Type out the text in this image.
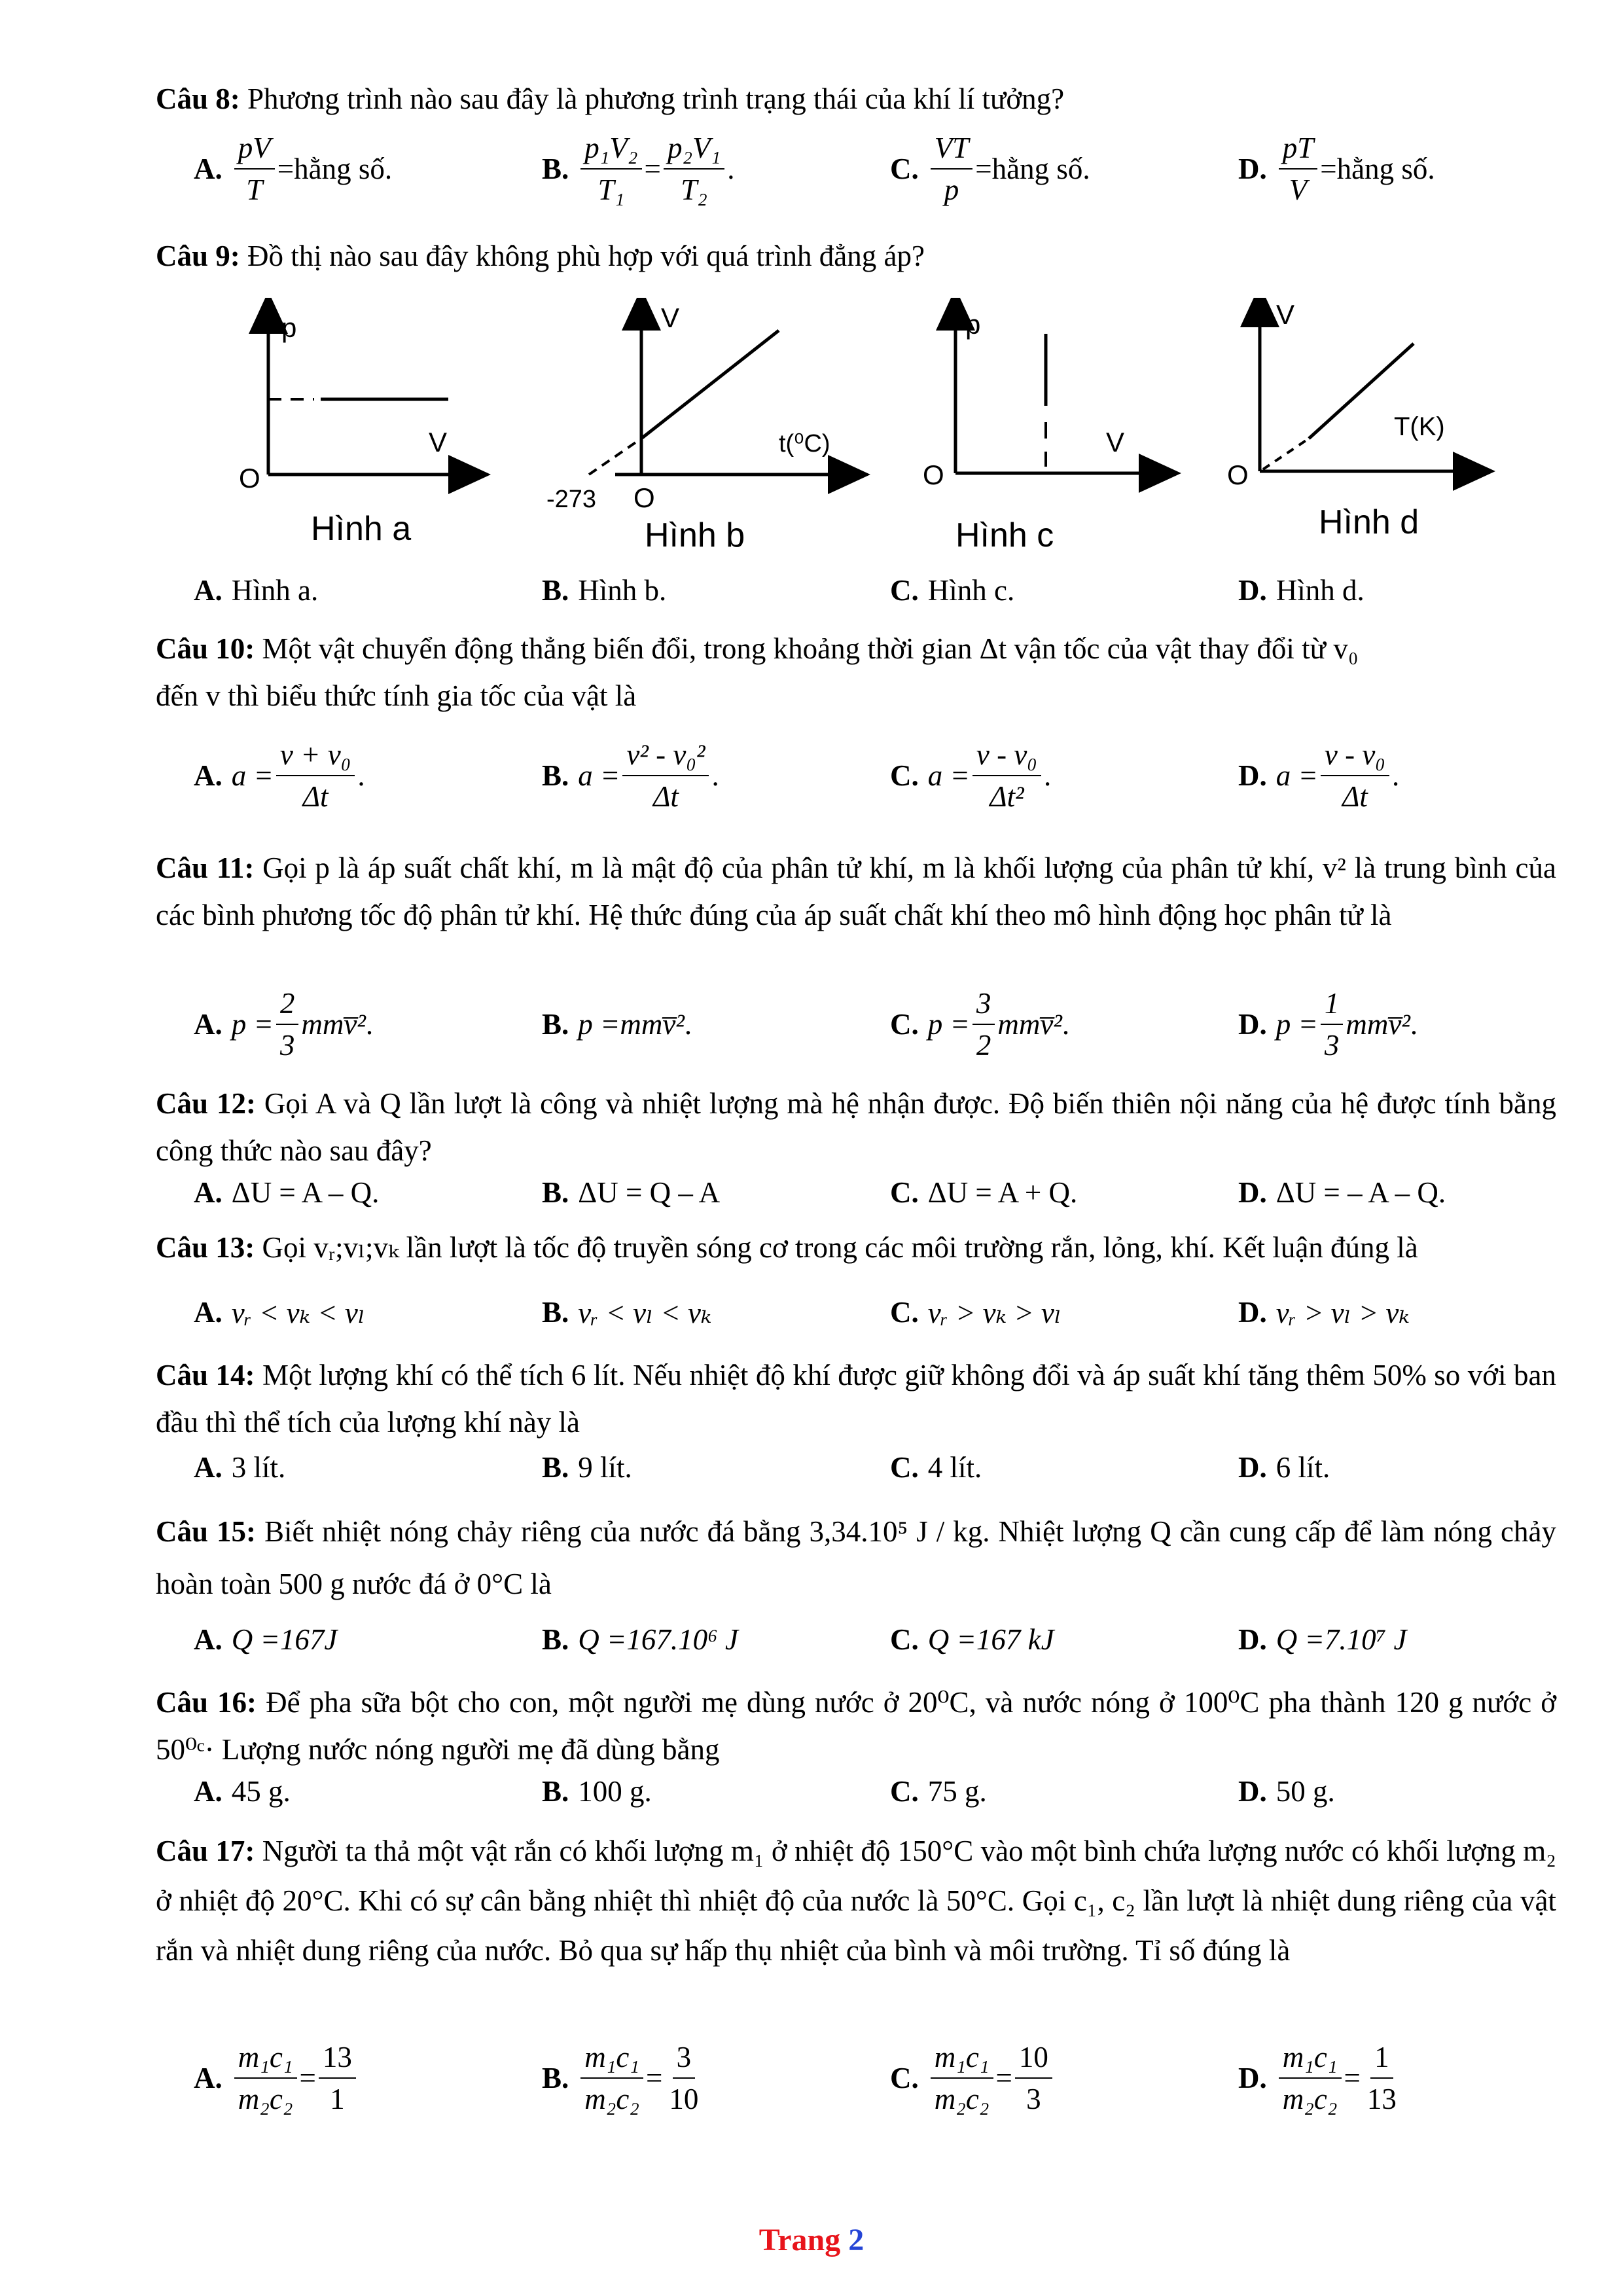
Câu 8: Phương trình nào sau đây là phương trình trạng thái của khí lí tưởng?
A. $\frac{pV}{T}$ =hằng số.	B. $\frac{\text{p₁V₂}}{\text{T₁}} = \frac{\text{p₂V₁}}{\text{T₂}}$ .	C. $\frac{VT}{p}$ =hằng số.	D. $\frac{pT}{V}$ =hằng số.
Câu 9: Đồ thị nào sau đây không phù hợp với quá trình đẳng áp?
p
V
O
Hình a
V
t(⁰C)
O
-273
Hình b
p
V
O
Hình c
V
T(K)
O
Hình d
A. Hình a.	B. Hình b.	C. Hình c.	D. Hình d.
Câu 10: Một vật chuyển động thẳng biến đổi, trong khoảng thời gian Δt vận tốc của vật thay đổi từ v₀
đến v thì biểu thức tính gia tốc của vật là
A. $a = \frac{\text{v + v₀}}{\Delta t}$ .	B. $a = \frac{\text{v² - v₀²}}{\Delta t}$ .	C. $a = \frac{\text{v - v₀}}{\text{Δt²}}$ .	D. $a = \frac{\text{v - v₀}}{\Delta t}$ .
Câu 11: Gọi p là áp suất chất khí, m là mật độ của phân tử khí, m là khối lượng của phân tử khí, v² là trung bình của các bình phương tốc độ phân tử khí. Hệ thức đúng của áp suất chất khí theo mô hình động học phân tử là
A. $p = \frac{2}{3}$ mmv̅² .	B. p = mmv̅² .	C. $p = \frac{3}{2}$ mmv̅² .	D. $p = \frac{1}{3}$ mmv̅² .
Câu 12: Gọi A và Q lần lượt là công và nhiệt lượng mà hệ nhận được. Độ biến thiên nội năng của hệ được tính bằng công thức nào sau đây?
A. ΔU = A – Q.	B. ΔU = Q – A	C. ΔU = A + Q.	D. ΔU = – A – Q.
Câu 13: Gọi vᵣ;vₗ;vₖ lần lượt là tốc độ truyền sóng cơ trong các môi trường rắn, lỏng, khí. Kết luận đúng là
A. vᵣ < vₖ < vₗ	B. vᵣ < vₗ < vₖ	C. vᵣ > vₖ > vₗ	D. vᵣ > vₗ > vₖ
Câu 14: Một lượng khí có thể tích 6 lít. Nếu nhiệt độ khí được giữ không đổi và áp suất khí tăng thêm 50% so với ban đầu thì thể tích của lượng khí này là
A. 3 lít.	B. 9 lít.	C. 4 lít.	D. 6 lít.
Câu 15: Biết nhiệt nóng chảy riêng của nước đá bằng 3,34.10⁵ J / kg. Nhiệt lượng Q cần cung cấp để làm nóng chảy hoàn toàn 500 g nước đá ở 0°C là
A. Q =167J	B. Q =167.10⁶ J	C. Q =167 kJ	D. Q =7.10⁷ J
Câu 16: Để pha sữa bột cho con, một người mẹ dùng nước ở 20⁰C, và nước nóng ở 100⁰C pha thành 120 g nước ở 50⁰ᶜ· Lượng nước nóng người mẹ đã dùng bằng
A. 45 g.	B. 100 g.	C. 75 g.	D. 50 g.
Câu 17: Người ta thả một vật rắn có khối lượng m₁ ở nhiệt độ 150°C vào một bình chứa lượng nước có khối lượng m₂ ở nhiệt độ 20°C. Khi có sự cân bằng nhiệt thì nhiệt độ của nước là 50°C. Gọi c₁, c₂ lần lượt là nhiệt dung riêng của vật rắn và nhiệt dung riêng của nước. Bỏ qua sự hấp thụ nhiệt của bình và môi trường. Tỉ số đúng là
A. $\frac{\text{m₁c₁}}{\text{m₂c₂}} = \frac{13}{1}$	B. $\frac{\text{m₁c₁}}{\text{m₂c₂}} = \frac{3}{10}$	C. $\frac{\text{m₁c₁}}{\text{m₂c₂}} = \frac{10}{3}$	D. $\frac{\text{m₁c₁}}{\text{m₂c₂}} = \frac{1}{13}$
Trang 2
